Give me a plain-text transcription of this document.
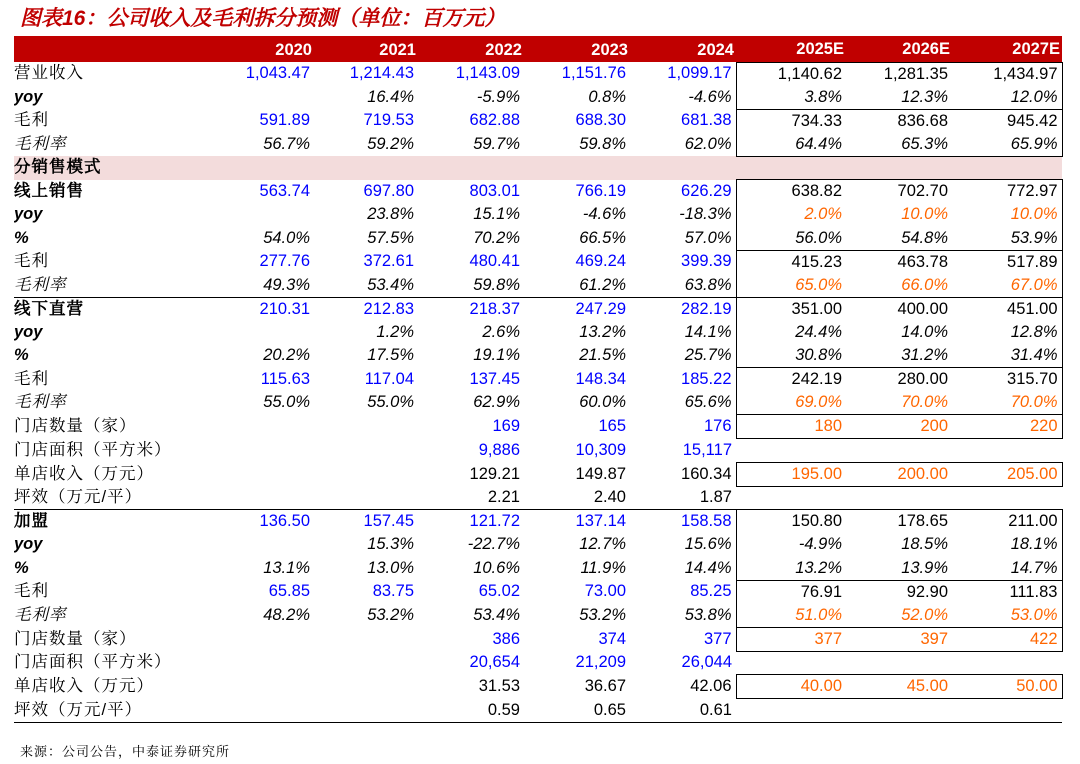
图表16：公司收入及毛利拆分预测（单位：百万元）
	2020	2021	2022	2023	2024	2025E	2026E	2027E
营业收入	1,043.47	1,214.43	1,143.09	1,151.76	1,099.17	1,140.62	1,281.35	1,434.97
yoy		16.4%	-5.9%	0.8%	-4.6%	3.8%	12.3%	12.0%
毛利	591.89	719.53	682.88	688.30	681.38	734.33	836.68	945.42
毛利率	56.7%	59.2%	59.7%	59.8%	62.0%	64.4%	65.3%	65.9%
分销售模式								
线上销售	563.74	697.80	803.01	766.19	626.29	638.82	702.70	772.97
yoy		23.8%	15.1%	-4.6%	-18.3%	2.0%	10.0%	10.0%
%	54.0%	57.5%	70.2%	66.5%	57.0%	56.0%	54.8%	53.9%
毛利	277.76	372.61	480.41	469.24	399.39	415.23	463.78	517.89
毛利率	49.3%	53.4%	59.8%	61.2%	63.8%	65.0%	66.0%	67.0%
线下直营	210.31	212.83	218.37	247.29	282.19	351.00	400.00	451.00
yoy		1.2%	2.6%	13.2%	14.1%	24.4%	14.0%	12.8%
%	20.2%	17.5%	19.1%	21.5%	25.7%	30.8%	31.2%	31.4%
毛利	115.63	117.04	137.45	148.34	185.22	242.19	280.00	315.70
毛利率	55.0%	55.0%	62.9%	60.0%	65.6%	69.0%	70.0%	70.0%
门店数量（家）			169	165	176	180	200	220
门店面积（平方米）			9,886	10,309	15,117			
单店收入（万元）			129.21	149.87	160.34	195.00	200.00	205.00
坪效（万元/平）			2.21	2.40	1.87			
加盟	136.50	157.45	121.72	137.14	158.58	150.80	178.65	211.00
yoy		15.3%	-22.7%	12.7%	15.6%	-4.9%	18.5%	18.1%
%	13.1%	13.0%	10.6%	11.9%	14.4%	13.2%	13.9%	14.7%
毛利	65.85	83.75	65.02	73.00	85.25	76.91	92.90	111.83
毛利率	48.2%	53.2%	53.4%	53.2%	53.8%	51.0%	52.0%	53.0%
门店数量（家）			386	374	377	377	397	422
门店面积（平方米）			20,654	21,209	26,044			
单店收入（万元）			31.53	36.67	42.06	40.00	45.00	50.00
坪效（万元/平）			0.59	0.65	0.61			
来源：公司公告，中泰证券研究所
